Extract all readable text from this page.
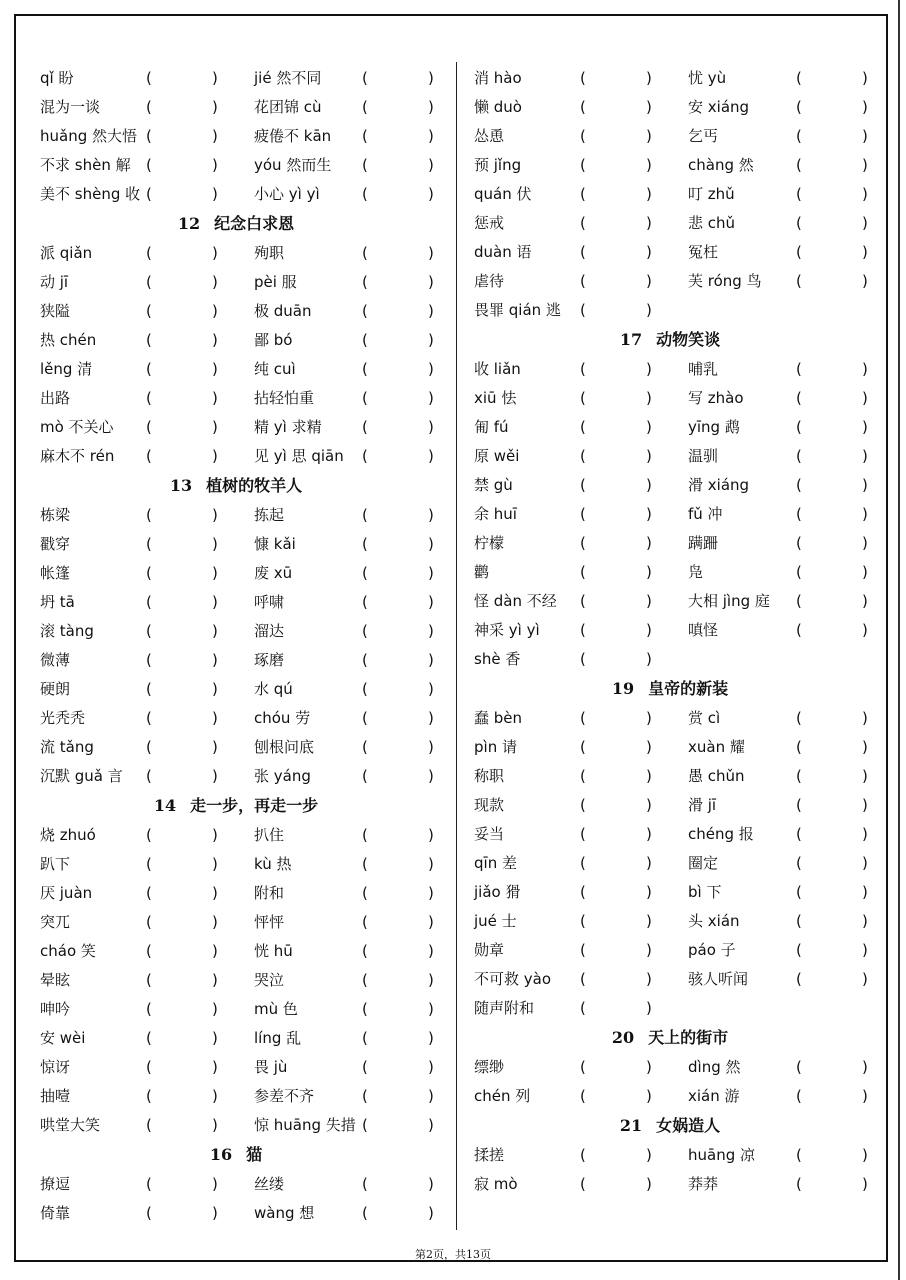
qǐ 盼	(	) jié 然不同	(	)
混为一谈	(	) 花团锦 cù	(	)
huǎng 然大悟 (	) 疲倦不 kān (	)
不求 shèn 解 (	) yóu 然而生 (	)
美不 shèng 收 (	) 小心 yì yì	(	)
12 纪念白求恩
派 qiǎn	(	) 殉职	(	)
动 jī	(	) pèi 服	(	)
狭隘	(	) 极 duān	(	)
热 chén	(	) 鄙 bó	(	)
lěng 清	(	) 纯 cuì	(	)
出路	(	) 拈轻怕重	(	)
mò 不关心 (	) 精 yì 求精	(	)
麻木不 rén (	) 见 yì 思 qiān (	)
13 植树的牧羊人
栋梁	(	) 拣起	(	)
戳穿	(	) 慷 kǎi	(	)
帐篷	(	) 废 xū	(	)
坍 tā	(	) 呼啸	(	)
滚 tàng	(	) 溜达	(	)
微薄	(	) 琢磨	(	)
硬朗	(	) 水 qú	(	)
光秃秃	(	) chóu 劳	(	)
流 tǎng	(	) 刨根问底	(	)
沉默 guǎ 言 (	) 张 yáng	(	)
14 走一步，再走一步
烧 zhuó	(	) 扒住	(	)
趴下	(	) kù 热	(	)
厌 juàn	(	) 附和	(	)
突兀	(	) 怦怦	(	)
cháo 笑	(	) 恍 hū	(	)
晕眩	(	) 哭泣	(	)
呻吟	(	) mù 色	(	)
安 wèi	(	) líng 乱	(	)
惊讶	(	) 畏 jù	(	)
抽噎	(	) 参差不齐	(	)
哄堂大笑	(	) 惊 huāng 失措 (	)
16 猫
撩逗	(	) 丝缕	(	)
倚靠	(	) wàng 想	(	)
消 hào	(	) 忧 yù	(	)
懒 duò	(	) 安 xiáng	(	)
怂恿	(	) 乞丐	(	)
预 jǐng	(	) chàng 然	(	)
quán 伏	(	) 叮 zhǔ	(	)
惩戒	(	) 悲 chǔ	(	)
duàn 语	(	) 冤枉	(	)
虐待	(	) 芙 róng 鸟 (	)
畏罪 qián 逃 (	)
17 动物笑谈
收 liǎn	(	) 哺乳	(	)
xiū 怯	(	) 写 zhào	(	)
匍 fú	(	) yīng 鹉	(	)
原 wěi	(	) 温驯	(	)
禁 gù	(	) 滑 xiáng	(	)
余 huī	(	) fǔ 冲	(	)
柠檬	(	) 蹒跚	(	)
鹳	(	) 凫	(	)
怪 dàn 不经 (	) 大相 jìng 庭 (	)
神采 yì yì	(	) 嗔怪	(	)
shè 香	(	)
19 皇帝的新装
蠢 bèn	(	) 赏 cì	(	)
pìn 请	(	) xuàn 耀	(	)
称职	(	) 愚 chǔn	(	)
现款	(	) 滑 jī	(	)
妥当	(	) chéng 报	(	)
qīn 差	(	) 圈定	(	)
jiǎo 猾	(	) bì 下	(	)
jué 士	(	) 头 xián	(	)
勋章	(	) páo 子	(	)
不可救 yào (	) 骇人听闻	(	)
随声附和	(	)
20 天上的街市
缥缈	(	) dìng 然	(	)
chén 列	(	) xián 游	(	)
21 女娲造人
揉搓	(	) huāng 凉	(	)
寂 mò	(	) 莽莽	(	)
第2页，共13页
